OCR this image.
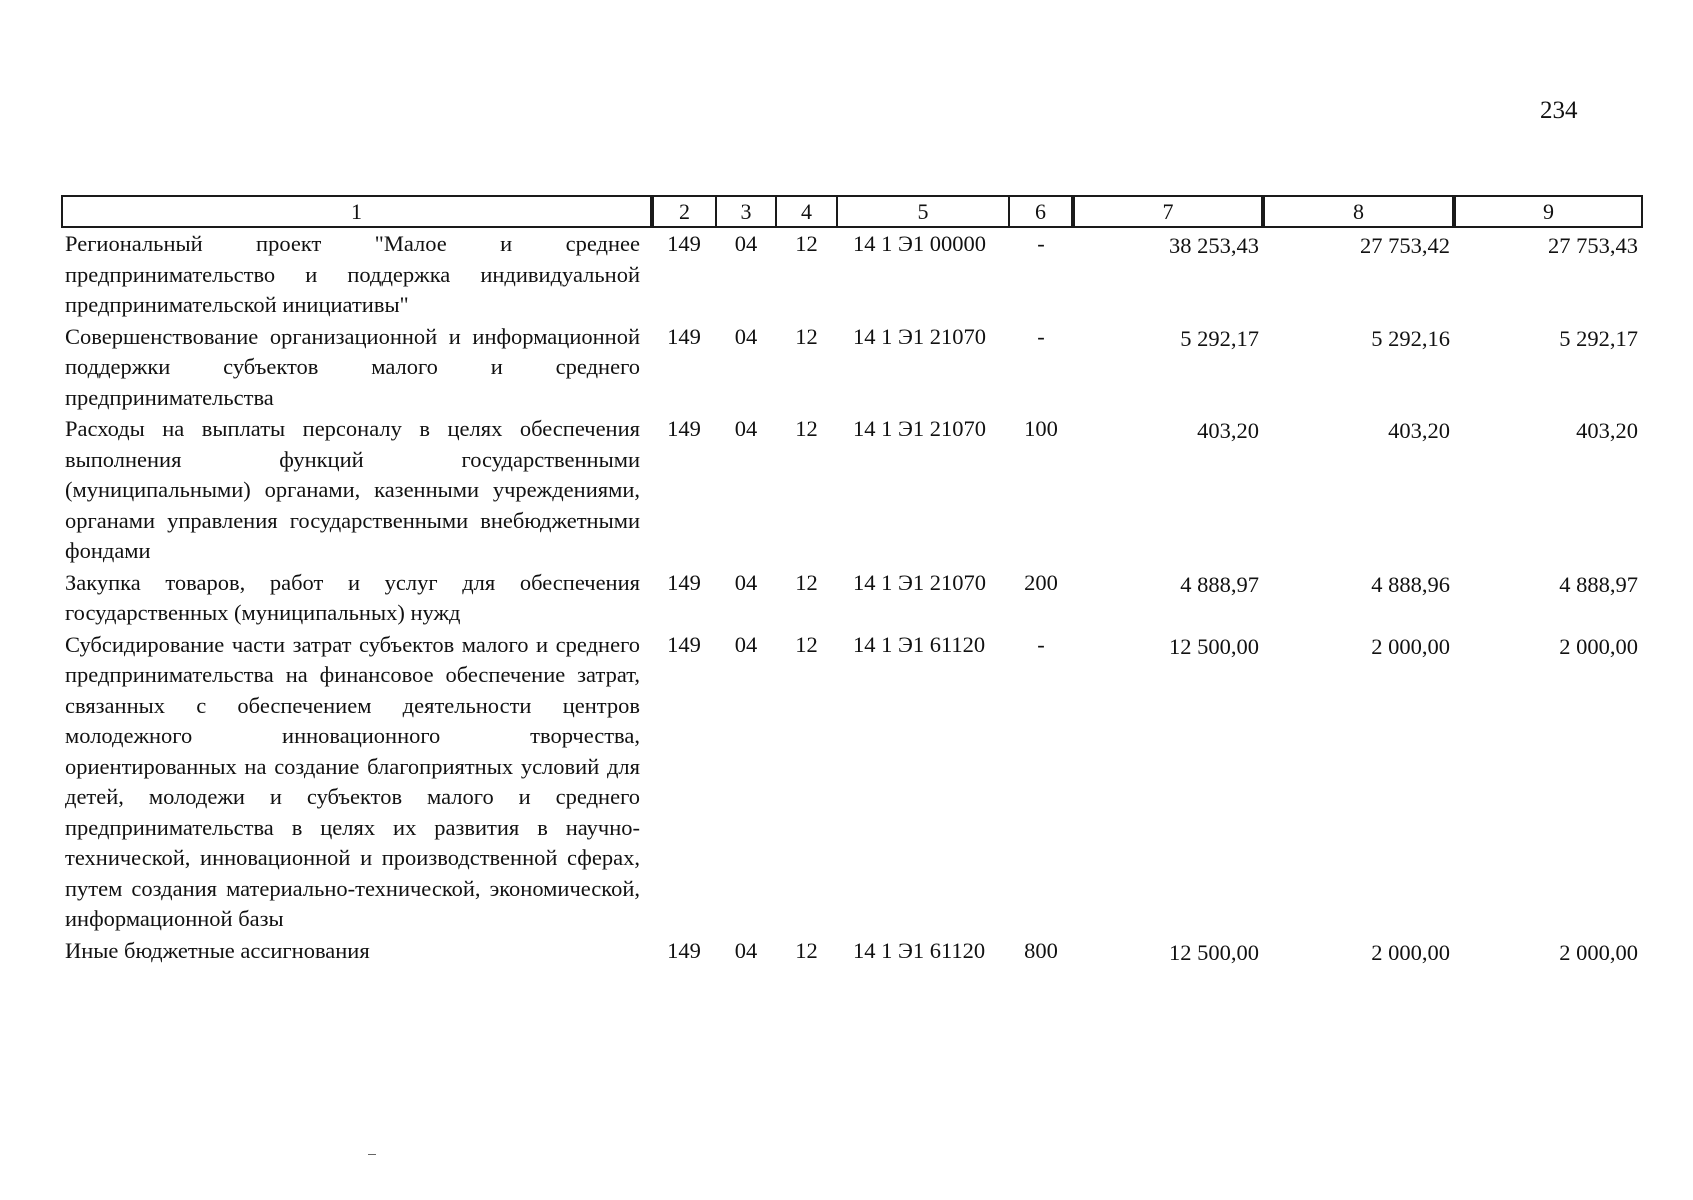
234
1	2	3	4	5	6	7	8	9
Региональный проект "Малое и среднее предпринимательство и поддержка индивидуальной предпринимательской инициативы"	149	04	12	14 1 Э1 00000	-	38 253,43	27 753,42	27 753,43
Совершенствование организационной и информационной поддержки субъектов малого и среднего предпринимательства	149	04	12	14 1 Э1 21070	-	5 292,17	5 292,16	5 292,17
Расходы на выплаты персоналу в целях обеспечения выполнения функций государственными (муниципальными) органами, казенными учреждениями, органами управления государственными внебюджетными фондами	149	04	12	14 1 Э1 21070	100	403,20	403,20	403,20
Закупка товаров, работ и услуг для обеспечения государственных (муниципальных) нужд	149	04	12	14 1 Э1 21070	200	4 888,97	4 888,96	4 888,97
Субсидирование части затрат субъектов малого и среднего предпринимательства на финансовое обеспечение затрат, связанных с обеспечением деятельности центров молодежного инновационного творчества, ориентированных на создание благоприятных условий для детей, молодежи и субъектов малого и среднего предпринимательства в целях их развития в научно-технической, инновационной и производственной сферах, путем создания материально-технической, экономической, информационной базы	149	04	12	14 1 Э1 61120	-	12 500,00	2 000,00	2 000,00
Иные бюджетные ассигнования	149	04	12	14 1 Э1 61120	800	12 500,00	2 000,00	2 000,00
